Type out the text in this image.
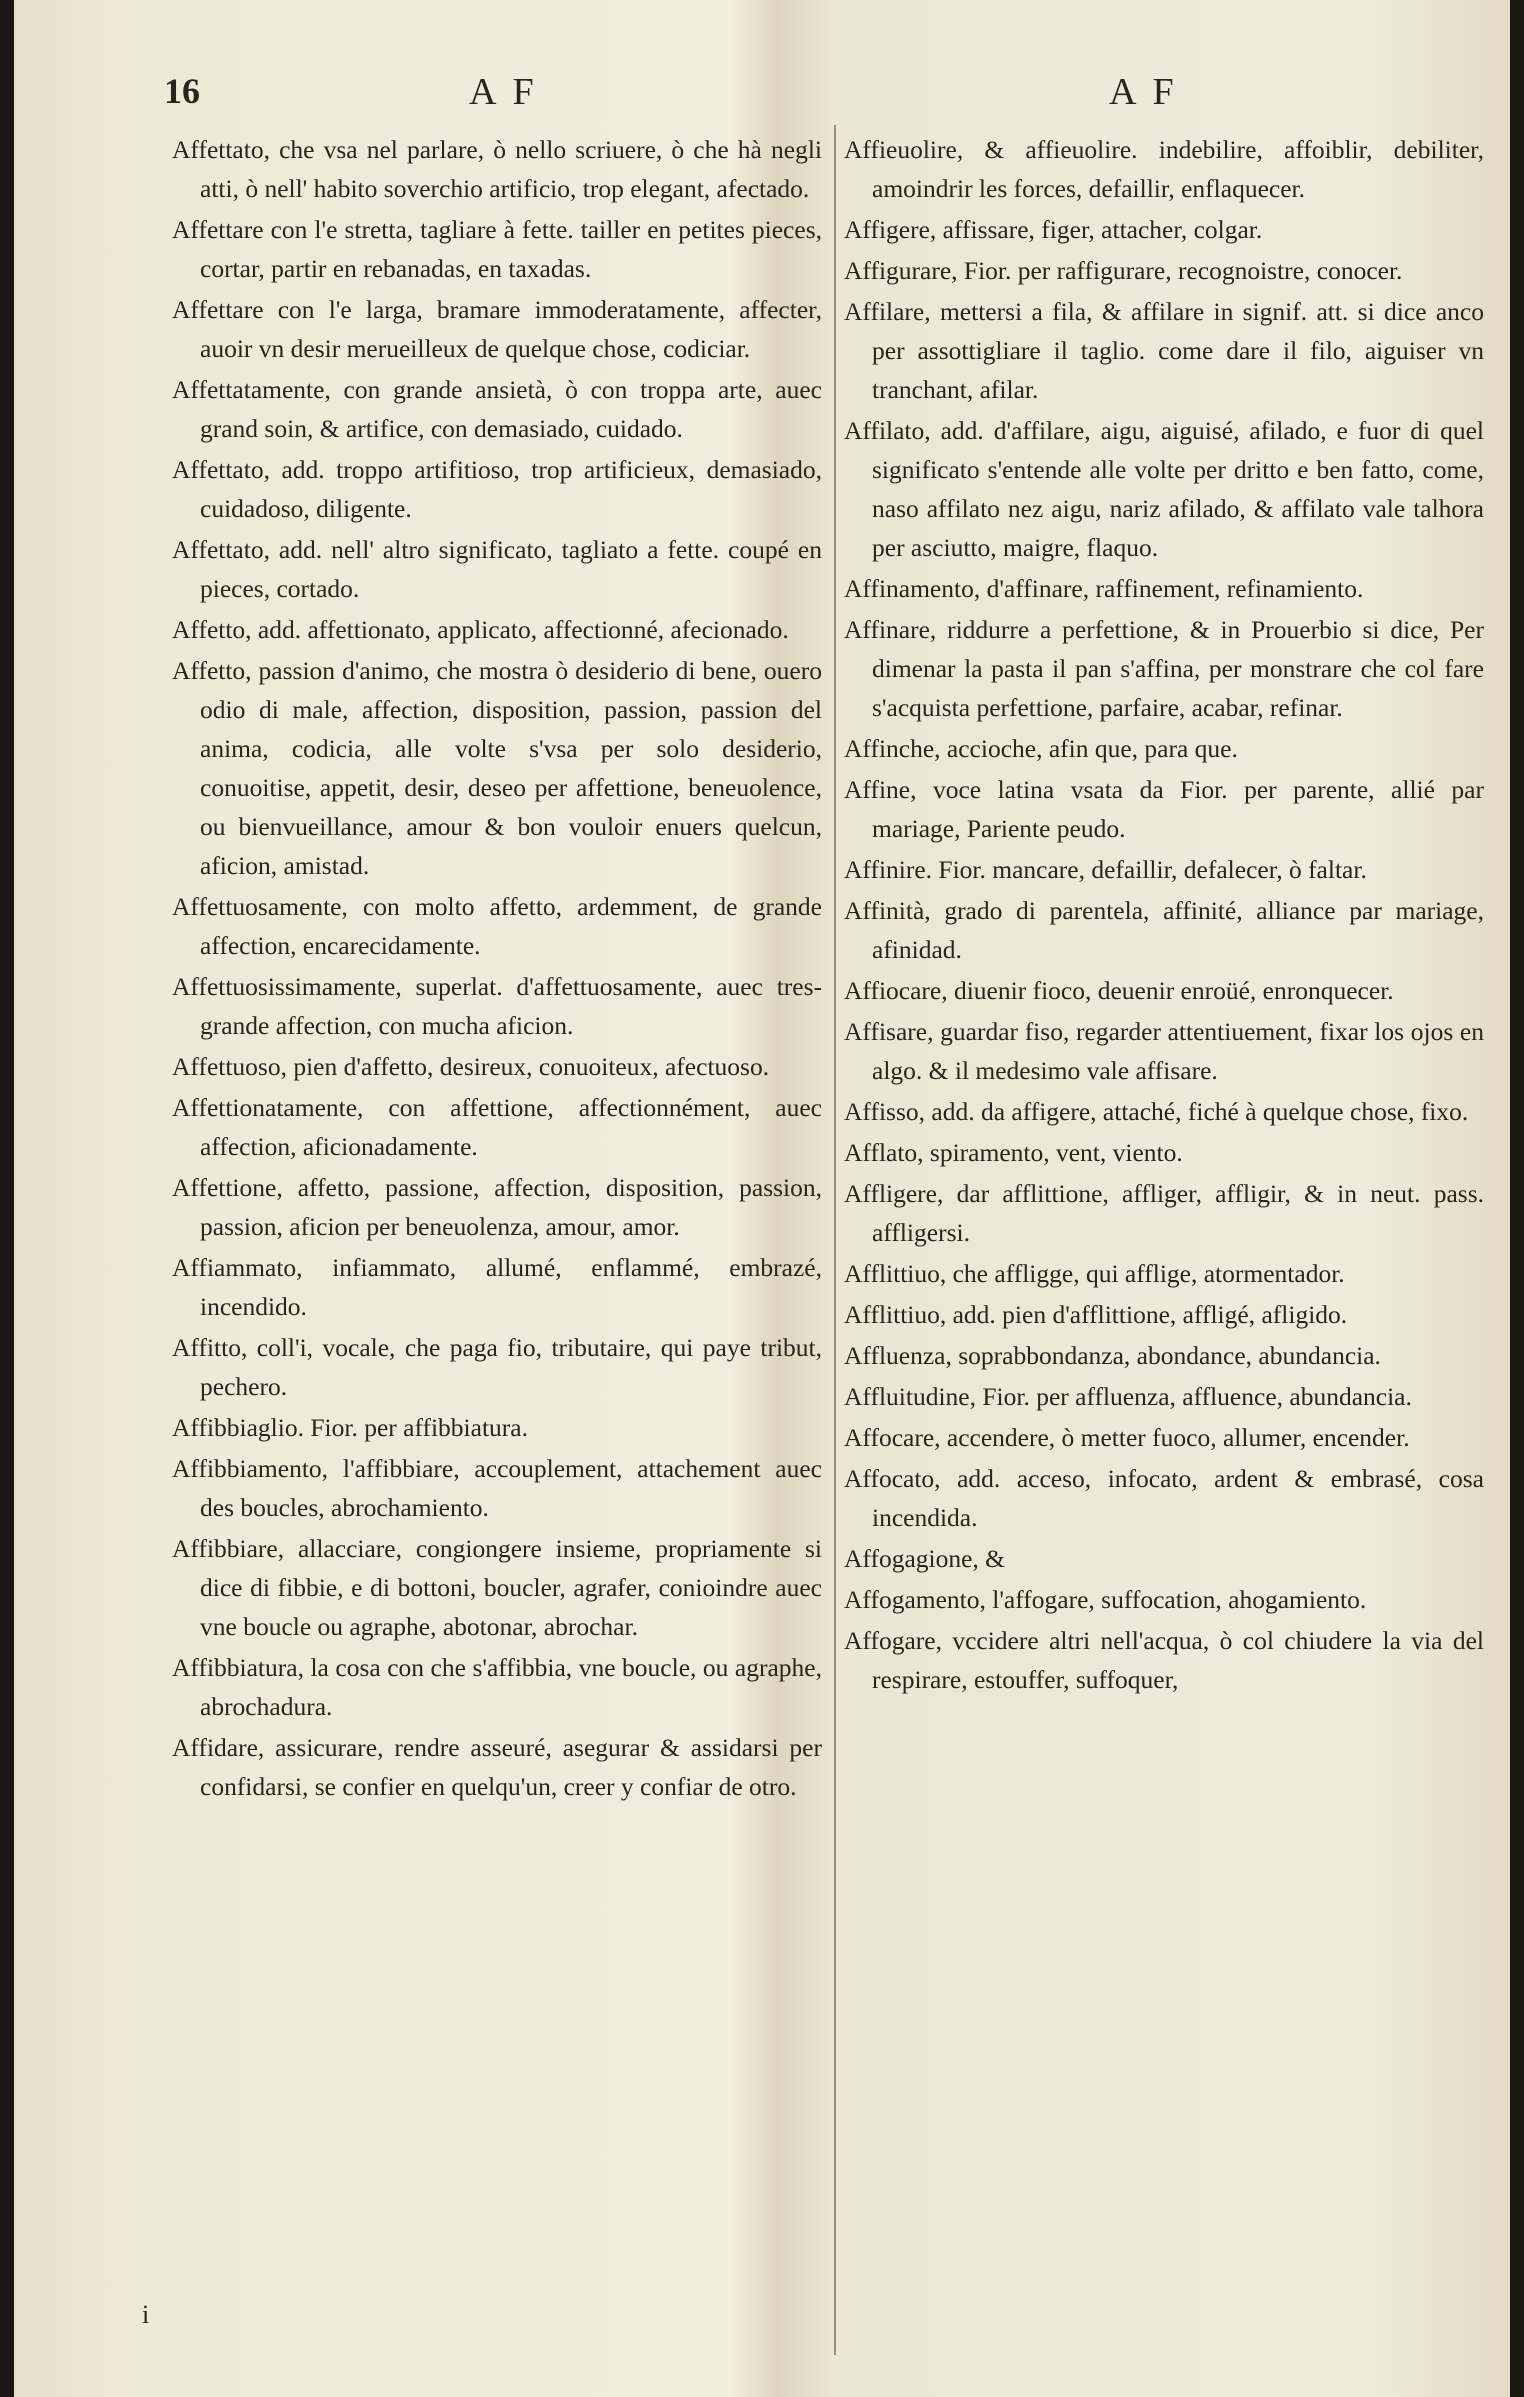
16	AF	AF

Affettato, che vsa nel parlare, ò nello scriuere, ò che hà negli atti, ò nell' habito soverchio artificio, trop elegant, afectado.

Affettare con l'e stretta, tagliare à fette. tailler en petites pieces, cortar, partir en rebanadas, en taxadas.

Affettare con l'e larga, bramare immoderatamente, affecter, auoir vn desir merueilleux de quelque chose, codiciar.

Affettatamente, con grande ansietà, ò con troppa arte, auec grand soin, & artifice, con demasiado, cuidado.

Affettato, add. troppo artifitioso, trop artificieux, demasiado, cuidadoso, diligente.

Affettato, add. nell' altro significato, tagliato a fette. coupé en pieces, cortado.

Affetto, add. affettionato, applicato, affectionné, afecionado.

Affetto, passion d'animo, che mostra ò desiderio di bene, ouero odio di male, affection, disposition, passion, passion del anima, codicia, alle volte s'vsa per solo desiderio, conuoitise, appetit, desir, deseo per affettione, beneuolence, ou bienvueillance, amour & bon vouloir enuers quelcun, aficion, amistad.

Affettuosamente, con molto affetto, ardemment, de grande affection, encarecidamente.

Affettuosissimamente, superlat. d'affettuosamente, auec tres-grande affection, con mucha aficion.

Affettuoso, pien d'affetto, desireux, conuoiteux, afectuoso.

Affettionatamente, con affettione, affectionnément, auec affection, aficionadamente.

Affettione, affetto, passione, affection, disposition, passion, passion, aficion per beneuolenza, amour, amor.

Affiammato, infiammato, allumé, enflammé, embrazé, incendido.

Affitto, coll'i, vocale, che paga fio, tributaire, qui paye tribut, pechero.

Affibbiaglio. Fior. per affibbiatura.

Affibbiamento, l'affibbiare, accouplement, attachement auec des boucles, abrochamiento.

Affibbiare, allacciare, congiongere insieme, propriamente si dice di fibbie, e di bottoni, boucler, agrafer, conioindre auec vne boucle ou agraphe, abotonar, abrochar.

Affibbiatura, la cosa con che s'affibbia, vne boucle, ou agraphe, abrochadura.

Affidare, assicurare, rendre asseuré, asegurar & assidarsi per confidarsi, se confier en quelqu'un, creer y confiar de otro.

Affieuolire, & affieuolire. indebilire, affoiblir, debiliter, amoindrir les forces, defaillir, enflaquecer.

Affigere, affissare, figer, attacher, colgar.

Affigurare, Fior. per raffigurare, recognoistre, conocer.

Affilare, mettersi a fila, & affilare in signif. att. si dice anco per assottigliare il taglio. come dare il filo, aiguiser vn tranchant, afilar.

Affilato, add. d'affilare, aigu, aiguisé, afilado, e fuor di quel significato s'entende alle volte per dritto e ben fatto, come, naso affilato nez aigu, nariz afilado, & affilato vale talhora per asciutto, maigre, flaquo.

Affinamento, d'affinare, raffinement, refinamiento.

Affinare, riddurre a perfettione, & in Prouerbio si dice, Per dimenar la pasta il pan s'affina, per monstrare che col fare s'acquista perfettione, parfaire, acabar, refinar.

Affinche, accioche, afin que, para que.

Affine, voce latina vsata da Fior. per parente, allié par mariage, Pariente peudo.

Affinire. Fior. mancare, defaillir, defalecer, ò faltar.

Affinità, grado di parentela, affinité, alliance par mariage, afinidad.

Affiocare, diuenir fioco, deuenir enroüé, enronquecer.

Affisare, guardar fiso, regarder attentiuement, fixar los ojos en algo. & il medesimo vale affisare.

Affisso, add. da affigere, attaché, fiché à quelque chose, fixo.

Afflato, spiramento, vent, viento.

Affligere, dar afflittione, affliger, affligir, & in neut. pass. affligersi.

Afflittiuo, che affligge, qui afflige, atormentador.

Afflittiuo, add. pien d'afflittione, affligé, afligido.

Affluenza, soprabbondanza, abondance, abundancia.

Affluitudine, Fior. per affluenza, affluence, abundancia.

Affocare, accendere, ò metter fuoco, allumer, encender.

Affocato, add. acceso, infocato, ardent & embrasé, cosa incendida.

Affogagione, &

Affogamento, l'affogare, suffocation, ahogamiento.

Affogare, vccidere altri nell'acqua, ò col chiudere la via del respirare, estouffer, suffoquer,

i
